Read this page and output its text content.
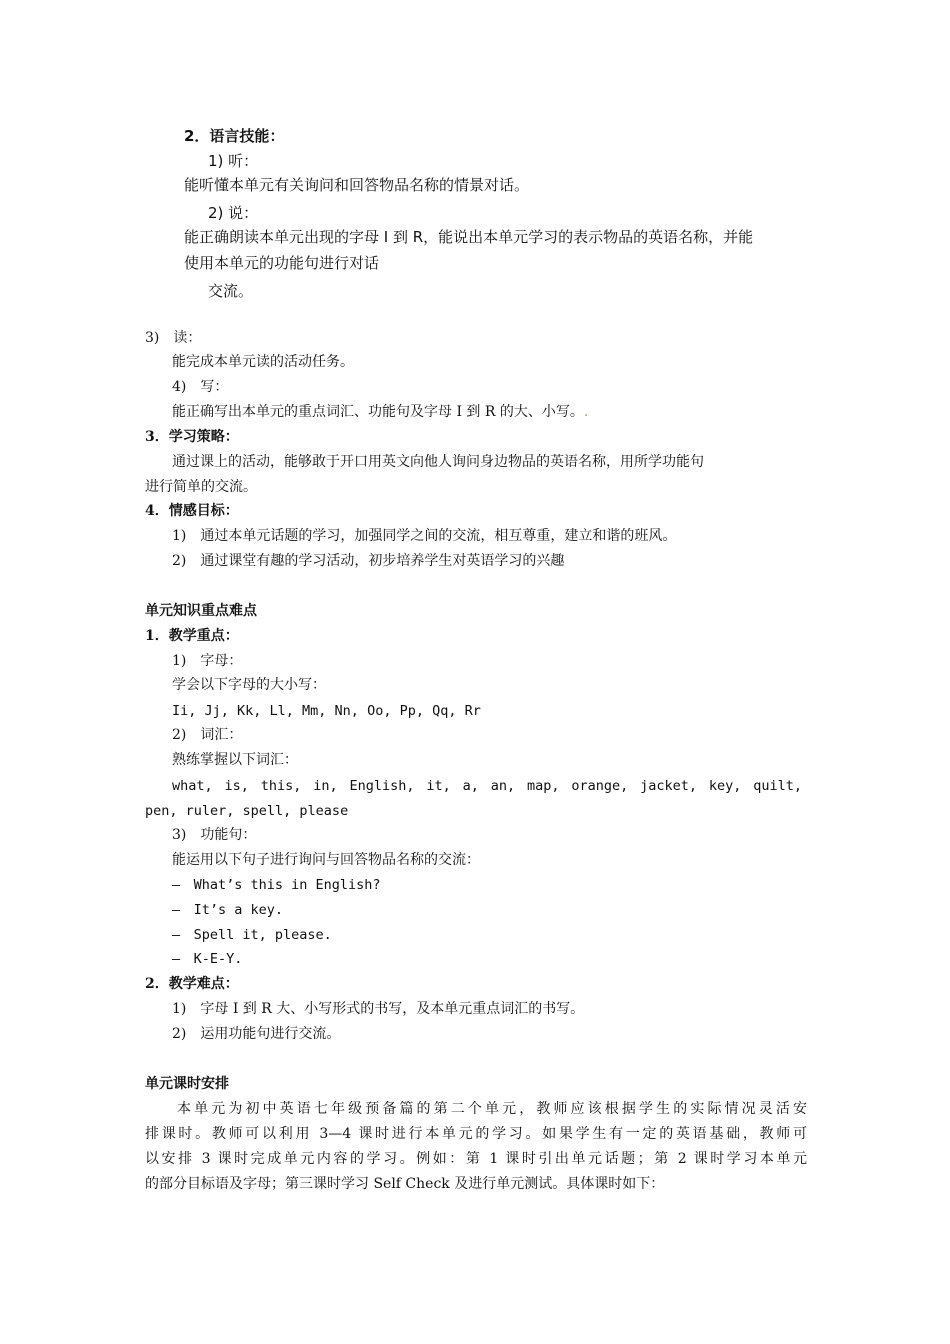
2．语言技能：
1) 听：
能听懂本单元有关询问和回答物品名称的情景对话。
2) 说：
能正确朗读本单元出现的字母 I 到 R，能说出本单元学习的表示物品的英语名称，并能
使用本单元的功能句进行对话
交流。
3)　读：
能完成本单元读的活动任务。
4)　写：
能正确写出本单元的重点词汇、功能句及字母 I 到 R 的大、小写。.
3．学习策略：
通过课上的活动，能够敢于开口用英文向他人询问身边物品的英语名称，用所学功能句
进行简单的交流。
4．情感目标：
1)　通过本单元话题的学习，加强同学之间的交流，相互尊重，建立和谐的班风。
2)　通过课堂有趣的学习活动，初步培养学生对英语学习的兴趣
单元知识重点难点
1．教学重点：
1)　字母：
学会以下字母的大小写：
Ii, Jj, Kk, Ll, Mm, Nn, Oo, Pp, Qq, Rr
2)　词汇：
熟练掌握以下词汇：
what, is, this, in, English, it, a, an, map, orange, jacket, key, quilt,
pen, ruler, spell, please
3)　功能句：
能运用以下句子进行询问与回答物品名称的交流：
—　What’s this in English?
—　It’s a key.
—　Spell it, please.
—　K-E-Y.
2．教学难点：
1)　字母 I 到 R 大、小写形式的书写，及本单元重点词汇的书写。
2)　运用功能句进行交流。
单元课时安排
本单元为初中英语七年级预备篇的第二个单元，教师应该根据学生的实际情况灵活安
排课时。教师可以利用 3—4 课时进行本单元的学习。如果学生有一定的英语基础，教师可
以安排 3 课时完成单元内容的学习。例如：第 1 课时引出单元话题；第 2 课时学习本单元
的部分目标语及字母；第三课时学习 Self Check 及进行单元测试。具体课时如下：
